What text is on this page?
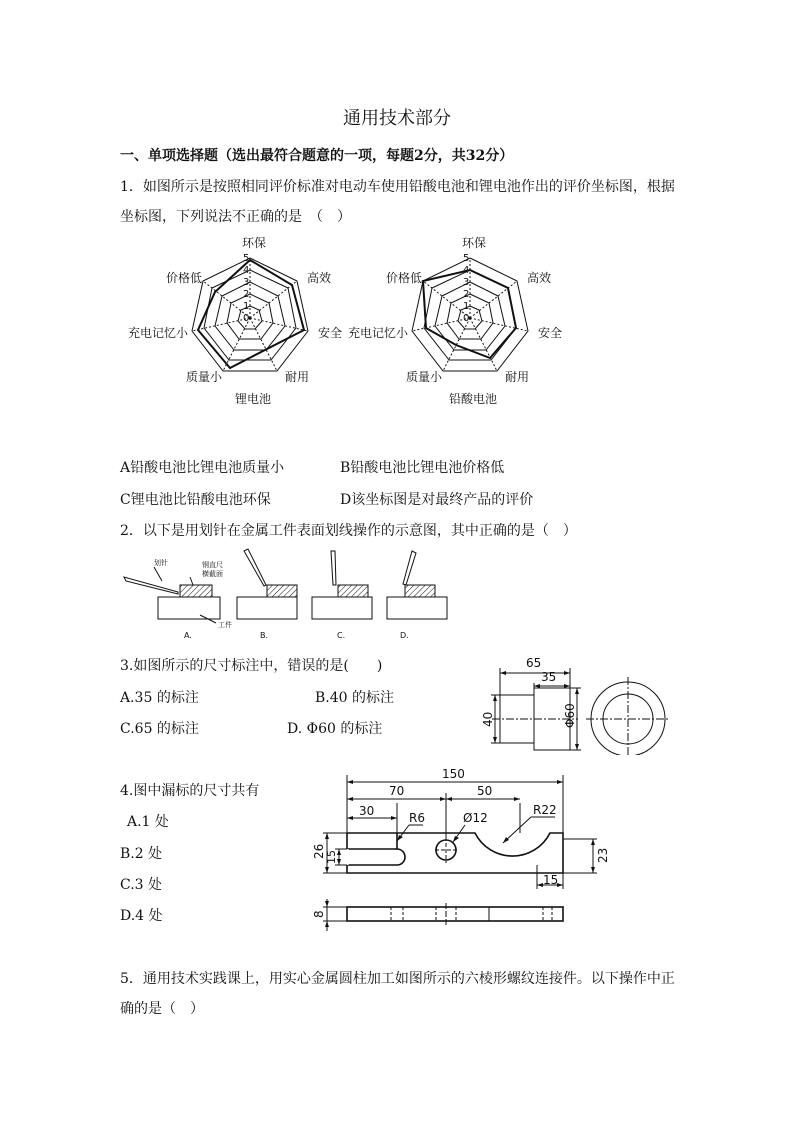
通用技术部分
一、单项选择题（选出最符合题意的一项，每题2分，共32分）
1．如图所示是按照相同评价标准对电动车使用铅酸电池和锂电池作出的评价坐标图，根据
坐标图，下列说法不正确的是　（　）
环保
高效
安全
耐用
质量小
充电记忆小
价格低
5
4
3
2
1
0
锂电池
环保
高效
安全
耐用
质量小
充电记忆小
价格低
5
4
3
2
1
0
铅酸电池
A铅酸电池比锂电池质量小	B铅酸电池比锂电池价格低
C锂电池比铅酸电池环保	D该坐标图是对最终产品的评价
2．以下是用划针在金属工件表面划线操作的示意图，其中正确的是（　）
划针	钢直尺
横截面
工件
A.	B.	C.	D.
3.如图所示的尺寸标注中，错误的是(　　)
A.35 的标注	B.40 的标注
C.65 的标注	D. Φ60 的标注
65
35
40	Φ60
4.图中漏标的尺寸共有
A.1 处
B.2 处
C.3 处
D.4 处
150
70	50
30	R6	Ø12
R22
26 15	23
15
8
5．通用技术实践课上，用实心金属圆柱加工如图所示的六棱形螺纹连接件。以下操作中正
确的是（　）
